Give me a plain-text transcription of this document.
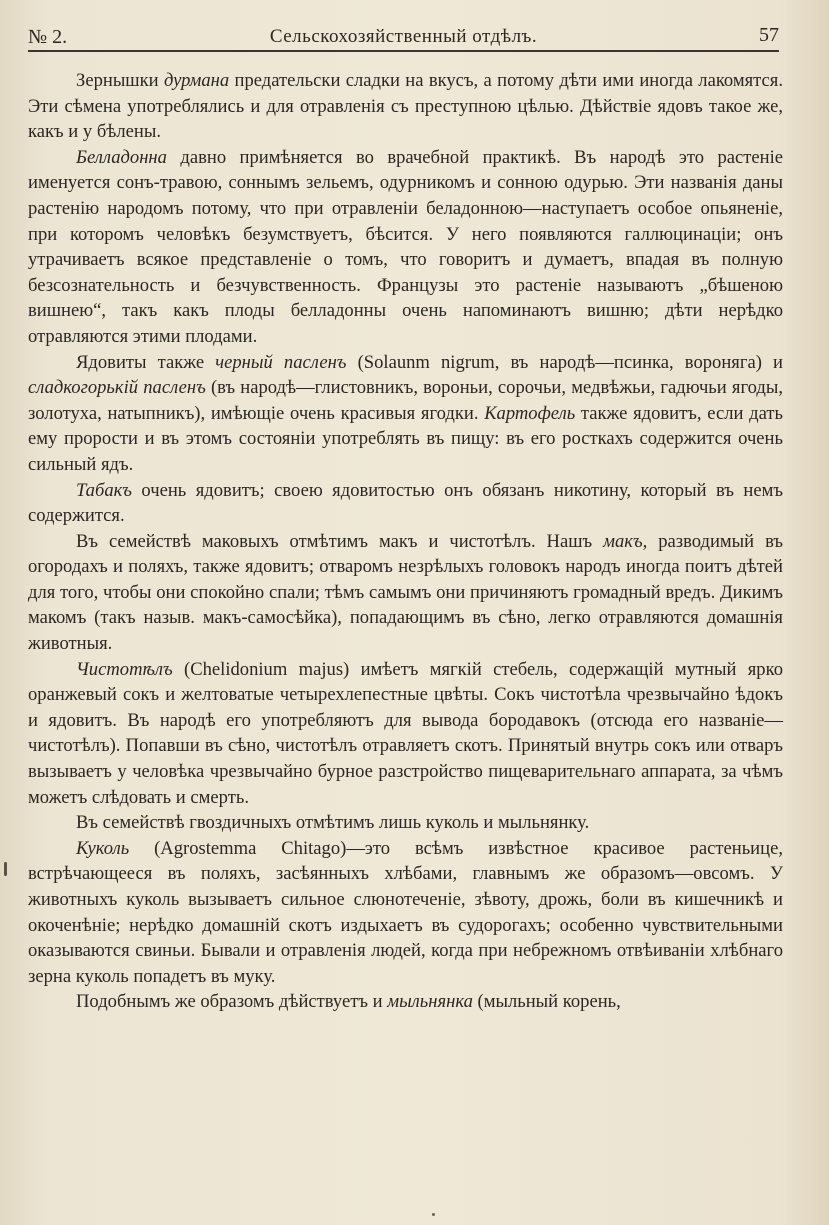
№ 2.	Сельскохозяйственный отдѣлъ.	57

Зернышки дурмана предательски сладки на вкусъ, а потому дѣти ими иногда лакомятся. Эти сѣмена употреблялись и для отравленія съ преступною цѣлью. Дѣйствіе ядовъ такое же, какъ и у бѣлены.

Белладонна давно примѣняется во врачебной практикѣ. Въ народѣ это растеніе именуется сонъ-травою, соннымъ зельемъ, одурникомъ и сонною одурью. Эти названія даны растенію народомъ потому, что при отравленіи беладонною—наступаетъ особое опьяненіе, при которомъ человѣкъ безумствуетъ, бѣсится. У него появляются галлюцинаціи; онъ утрачиваетъ всякое представленіе о томъ, что говоритъ и думаетъ, впадая въ полную безсознательность и безчувственность. Французы это растеніе называютъ „бѣшеною вишнею“, такъ какъ плоды белладонны очень напоминаютъ вишню; дѣти нерѣдко отравляются этими плодами.

Ядовиты также черный пасленъ (Solaunm nigrum, въ народѣ—псинка, вороняга) и сладкогорькій пасленъ (въ народѣ—глистовникъ, вороньи, сорочьи, медвѣжьи, гадючьи ягоды, золотуха, натыпникъ), имѣющіе очень красивыя ягодки. Картофель также ядовитъ, если дать ему прорости и въ этомъ состояніи употреблять въ пищу: въ его росткахъ содержится очень сильный ядъ.

Табакъ очень ядовитъ; своею ядовитостью онъ обязанъ никотину, который въ немъ содержится.

Въ семействѣ маковыхъ отмѣтимъ макъ и чистотѣлъ. Нашъ макъ, разводимый въ огородахъ и поляхъ, также ядовитъ; отваромъ незрѣлыхъ головокъ народъ иногда поитъ дѣтей для того, чтобы они спокойно спали; тѣмъ самымъ они причиняютъ громадный вредъ. Дикимъ макомъ (такъ назыв. макъ-самосѣйка), попадающимъ въ сѣно, легко отравляются домашнія животныя.

Чистотѣлъ (Chelidonium majus) имѣетъ мягкій стебель, содержащій мутный ярко оранжевый сокъ и желтоватые четырехлепестные цвѣты. Сокъ чистотѣла чрезвычайно ѣдокъ и ядовитъ. Въ народѣ его употребляютъ для вывода бородавокъ (отсюда его названіе—чистотѣлъ). Попавши въ сѣно, чистотѣлъ отравляетъ скотъ. Принятый внутрь сокъ или отваръ вызываетъ у человѣка чрезвычайно бурное разстройство пищеварительнаго аппарата, за чѣмъ можетъ слѣдовать и смерть.

Въ семействѣ гвоздичныхъ отмѣтимъ лишь куколь и мыльнянку.

Куколь (Agrostemma Chitago)—это всѣмъ извѣстное красивое растеньице, встрѣчающееся въ поляхъ, засѣянныхъ хлѣбами, главнымъ же образомъ—овсомъ. У животныхъ куколь вызываетъ сильное слюнотеченіе, зѣвоту, дрожь, боли въ кишечникѣ и окоченѣніе; нерѣдко домашній скотъ издыхаетъ въ судорогахъ; особенно чувствительными оказываются свиньи. Бывали и отравленія людей, когда при небрежномъ отвѣиваніи хлѣбнаго зерна куколь попадетъ въ муку.

Подобнымъ же образомъ дѣйствуетъ и мыльнянка (мыльный корень,
